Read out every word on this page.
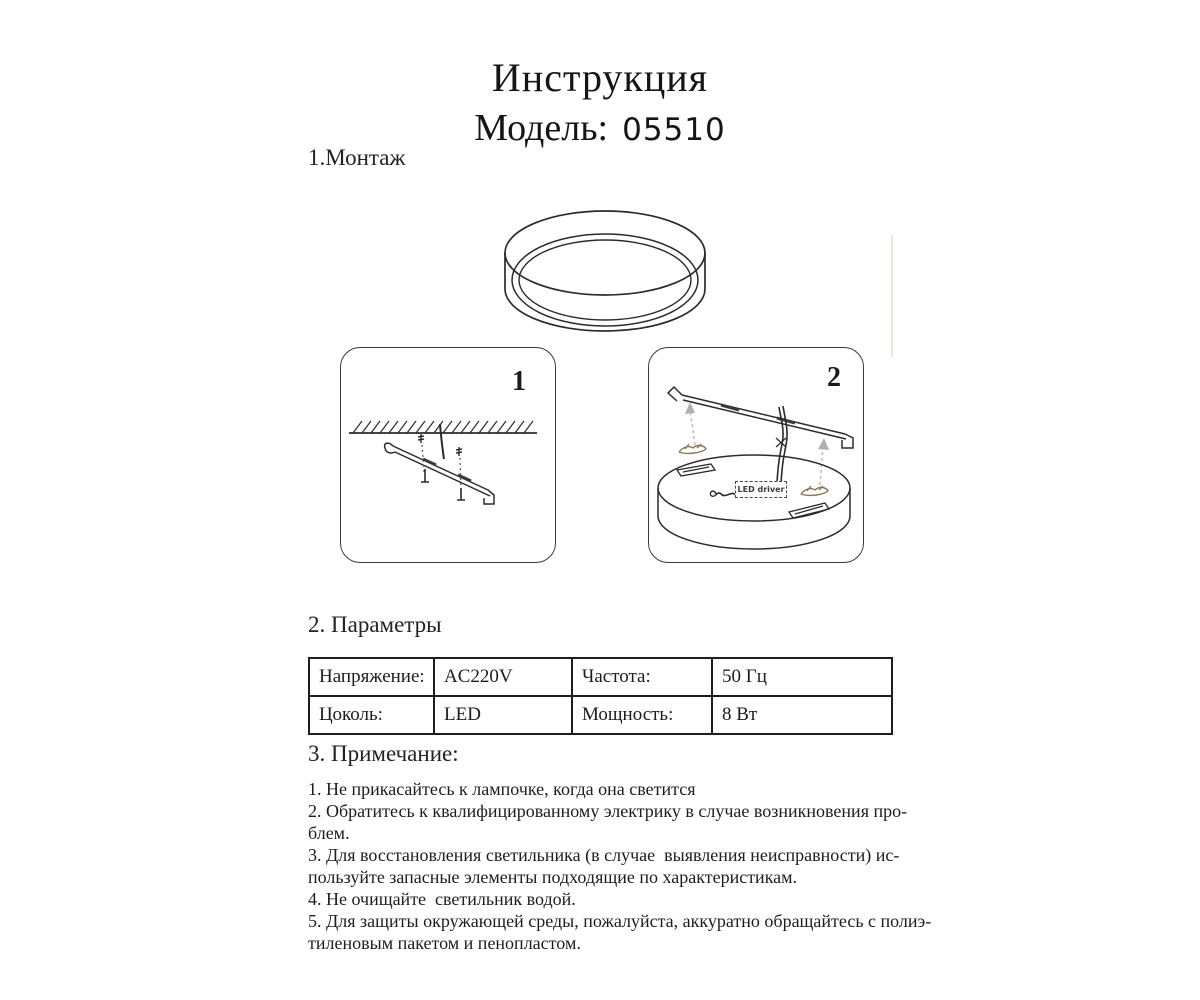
Инструкция
Модель: 05510
1.Монтаж
1	2
LED driver
2. Параметры
Напряжение:	AC220V	Частота:	50 Гц
Цоколь:	LED	Мощность:	8 Вт
3. Примечание:
1. Не прикасайтесь к лампочке, когда она светится
2. Обратитесь к квалифицированному электрику в случае возникновения про-
блем.
3. Для восстановления светильника (в случае  выявления неисправности) ис-
пользуйте запасные элементы подходящие по характеристикам.
4. Не очищайте  светильник водой.
5. Для защиты окружающей среды, пожалуйста, аккуратно обращайтесь с полиэ-
тиленовым пакетом и пенопластом.
